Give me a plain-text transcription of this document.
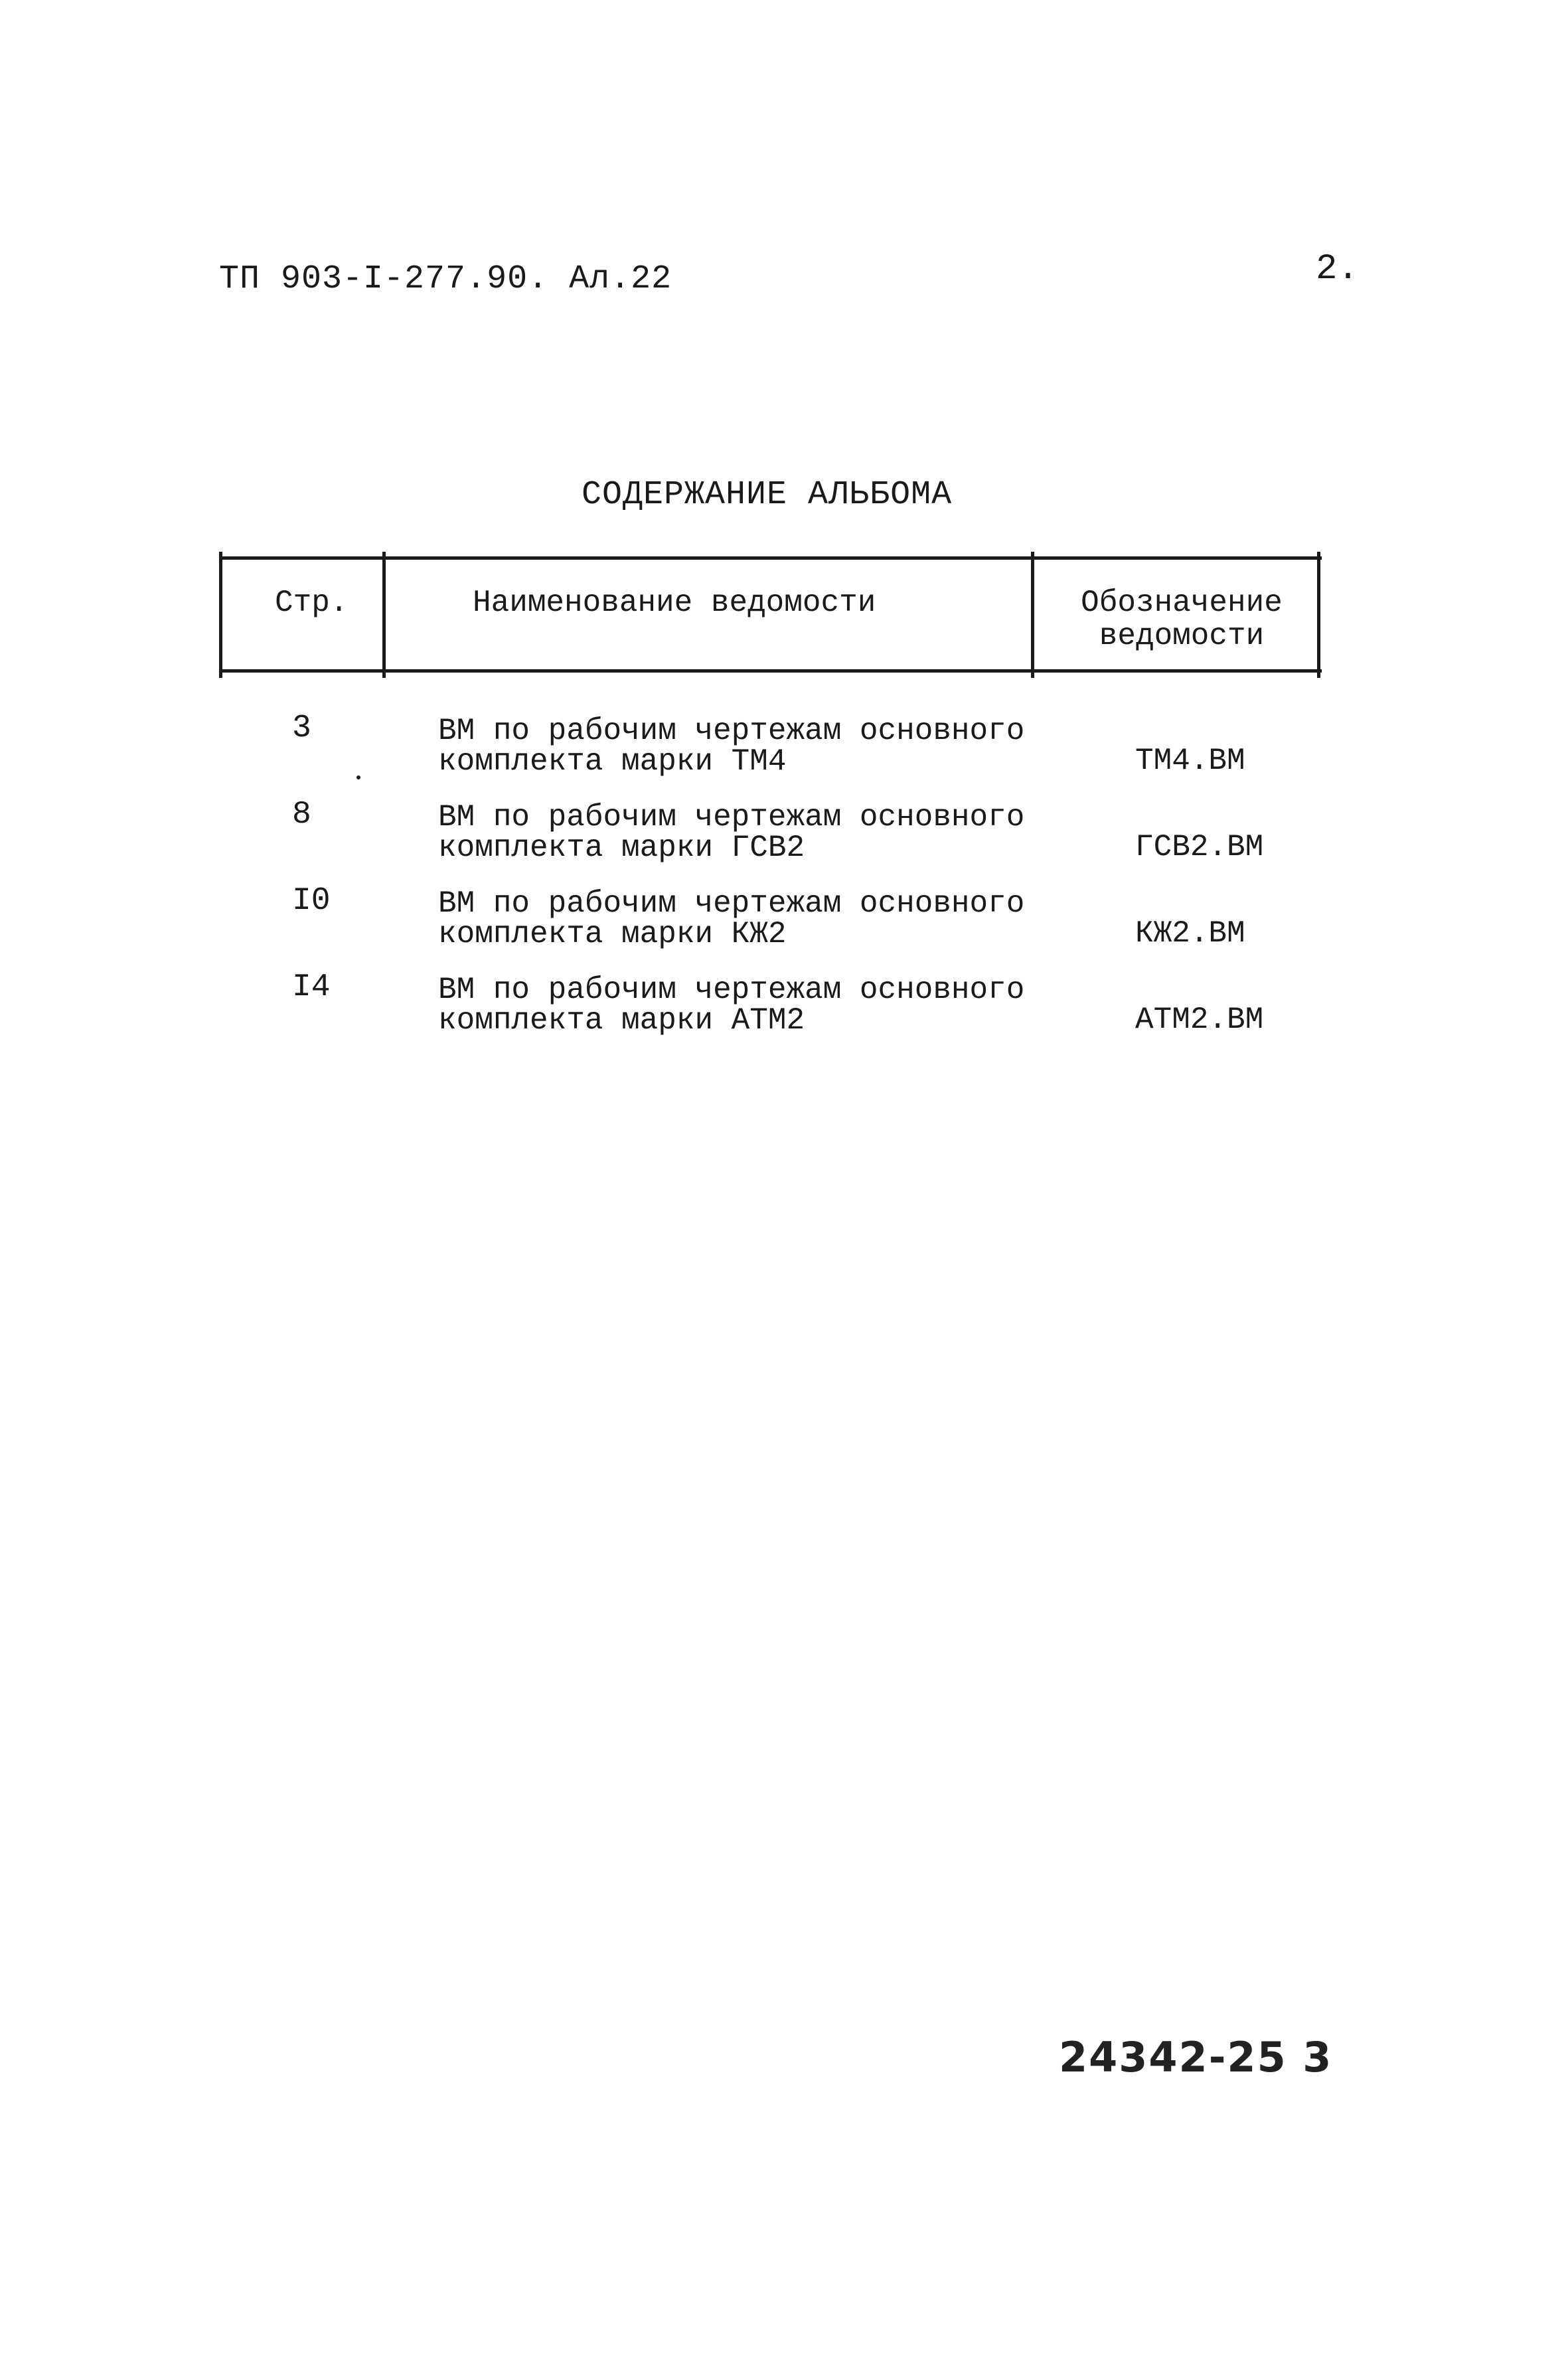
ТП 903-I-277.90. Ал.22	2.
СОДЕРЖАНИЕ АЛЬБОМА
Стр.	Наименование ведомости	Обозначение
ведомости
3	ВМ по рабочим чертежам основного
комплекта марки ТМ4	ТМ4.ВМ
8	ВМ по рабочим чертежам основного
комплекта марки ГСВ2	ГСВ2.ВМ
I0	ВМ по рабочим чертежам основного
комплекта марки КЖ2	КЖ2.ВМ
I4	ВМ по рабочим чертежам основного
комплекта марки АТМ2	АТМ2.ВМ
24342-25 3
